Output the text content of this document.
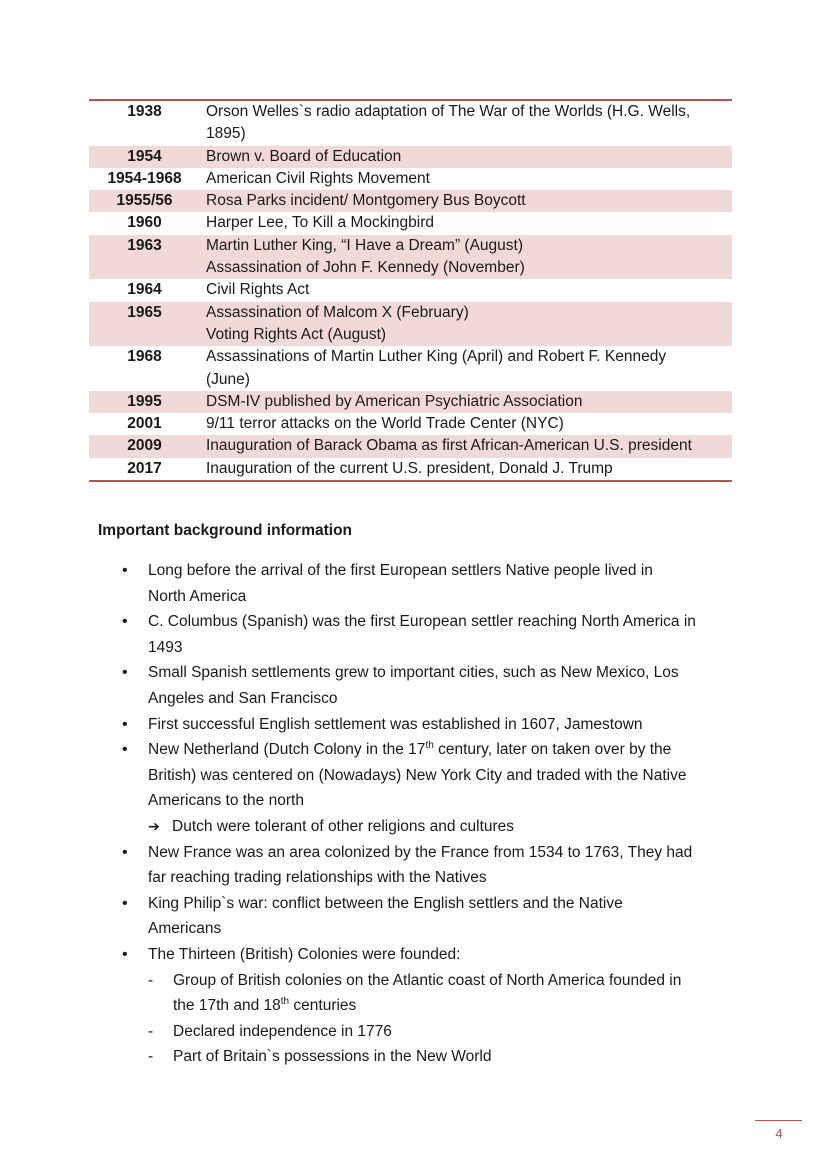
1938	Orson Welles`s radio adaptation of The War of the Worlds (H.G. Wells,
1895)
1954	Brown v. Board of Education
1954-1968	American Civil Rights Movement
1955/56	Rosa Parks incident/ Montgomery Bus Boycott
1960	Harper Lee, To Kill a Mockingbird
1963	Martin Luther King, “I Have a Dream” (August)
Assassination of John F. Kennedy (November)
1964	Civil Rights Act
1965	Assassination of Malcom X (February)
Voting Rights Act (August)
1968	Assassinations of Martin Luther King (April) and Robert F. Kennedy
(June)
1995	DSM-IV published by American Psychiatric Association
2001	9/11 terror attacks on the World Trade Center (NYC)
2009	Inauguration of Barack Obama as first African-American U.S. president
2017	Inauguration of the current U.S. president, Donald J. Trump
Important background information
• Long before the arrival of the first European settlers Native people lived in
North America
• C. Columbus (Spanish) was the first European settler reaching North America in
1493
• Small Spanish settlements grew to important cities, such as New Mexico, Los
Angeles and San Francisco
• First successful English settlement was established in 1607, Jamestown
• New Netherland (Dutch Colony in the 17th century, later on taken over by the
British) was centered on (Nowadays) New York City and traded with the Native
Americans to the north
➔ Dutch were tolerant of other religions and cultures
• New France was an area colonized by the France from 1534 to 1763, They had
far reaching trading relationships with the Natives
• King Philip`s war: conflict between the English settlers and the Native
Americans
• The Thirteen (British) Colonies were founded:
- Group of British colonies on the Atlantic coast of North America founded in
the 17th and 18th centuries
- Declared independence in 1776
- Part of Britain`s possessions in the New World
4
